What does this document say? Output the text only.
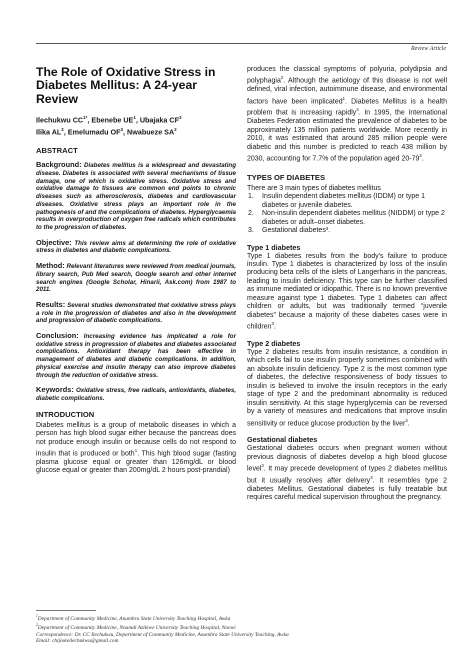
Review Article
The Role of Oxidative Stress in Diabetes Mellitus: A 24-year Review
Ilechukwu $CC^{1*}$, Ebenebe $UE^1$, Ubajaka $CF^3$
Ilika $AL^2$, Emelumadu $OF^3$, Nwabueze $SA^2$
ABSTRACT

Background: Diabetes mellitus is a widespread and devastating disease. Diabetes is associated with several mechanisms of tissue damage, one of which is oxidative stress. Oxidative stress and oxidative damage to tissues are common end points to chronic diseases such as atherosclerosis, diabetes and cardiovascular diseases. Oxidative stress plays an important role in the pathogenesis of and the complications of diabetes. Hyperglycaemia results in overproduction of oxygen free radicals which contributes to the progression of diabetes.

Objective: This review aims at determining the role of oxidative stress in diabetes and diabetic complications.

Method: Relevant literatures were reviewed from medical journals, library search, Pub Med search, Google search and other internet search engines (Google Scholar, Hinarii, Ask.com) from 1987 to 2011.

Results: Several studies demonstrated that oxidative stress plays a role in the progression of diabetes and also in the development and progression of diabetic complications.

Conclusion: Increasing evidence has implicated a role for oxidative stress in progression of diabetes and diabetes associated complications. Antioxidant therapy has been effective in management of diabetes and diabetic complications. In addition, physical exercise and insulin therapy can also improve diabetes through the reduction of oxidative stress.

Keywords: Oxidative stress, free radicals, antioxidants, diabetes, diabetic complications.

INTRODUCTION

Diabetes mellitus is a group of metabolic diseases in which a person has high blood sugar either because the pancreas does not produce enough insulin or because cells do not respond to insulin that is produced or both$^1$. This high blood sugar (fasting plasma glucose equal or greater than 126mg/dL or blood glucose equal or greater than 200mg/dL 2 hours post-prandial)

produces the classical symptoms of polyuria, polydipsia and polyphagia$^2$. Although the aetiology of this disease is not well defined, viral infection, autoimmune disease, and environmental factors have been implicated$^1$. Diabetes Mellitus is a health problem that is increasing rapidly$^3$. In 1995, the International Diabetes Federation estimated the prevalence of diabetes to be approximately 135 million patients worldwide. More recently in 2010, it was estimated that around 285 million people were diabetic and this number is predicted to reach 438 million by 2030, accounting for 7.7% of the population aged $20-79^3$.

TYPES OF DIABETES

There are 3 main types of diabetes mellitus

1. Insulin dependent diabetes mellitus (IDDM) or type 1 diabetes or juvenile diabetes.
2. Non-insulin dependent diabetes mellitus (NIDDM) or type 2 diabetes or adult–onset diabetes.
3. Gestational diabetes³.
Type 1 diabetes

Type 1 diabetes results from the body's failure to produce insulin. Type 1 diabetes is characterized by loss of the insulin producing beta cells of the islets of Langerhans in the pancreas, leading to insulin deficiency. This type can be further classified as immune mediated or idiopathic. There is no known preventive measure against type 1 diabetes. Type 1 diabetes can affect children or adults, but was traditionally termed “juvenile diabetes” because a majority of these diabetes cases were in children$^3$.

Type 2 diabetes

Type 2 diabetes results from insulin resistance, a condition in which cells fail to use insulin properly sometimes combined with an absolute insulin deficiency. Type 2 is the most common type of diabetes, the defective responsiveness of body tissues to insulin is believed to involve the insulin receptors in the early stage of type 2 and the predominant abnormality is reduced insulin sensitivity. At this stage hyperglycemia can be reversed by a variety of measures and medications that improve insulin sensitivity or reduce glucose production by the liver$^3$.

Gestational diabetes

Gestational diabetes occurs when pregnant women without previous diagnosis of diabetes develop a high blood glucose level$^3$. It may precede development of types 2 diabetes mellitus but it usually resolves after delivery$^3$. It resembles type 2 diabetes Mellitus. Gestational diabetes is fully treatable but requires careful medical supervision throughout the pregnancy.

$^1$Department of Community Medicine, Anambra State University Teaching Hospital, Awka
$^2$Department of Community Medicine, Nnamdi Azikiwe University Teaching Hospital, Nnewi
Correspondence: Dr. CC Ilechukwu, Department of Community Medicine, Anambra State University Teaching, Awka
Email: chijiokeilechukwu@gmail.com
